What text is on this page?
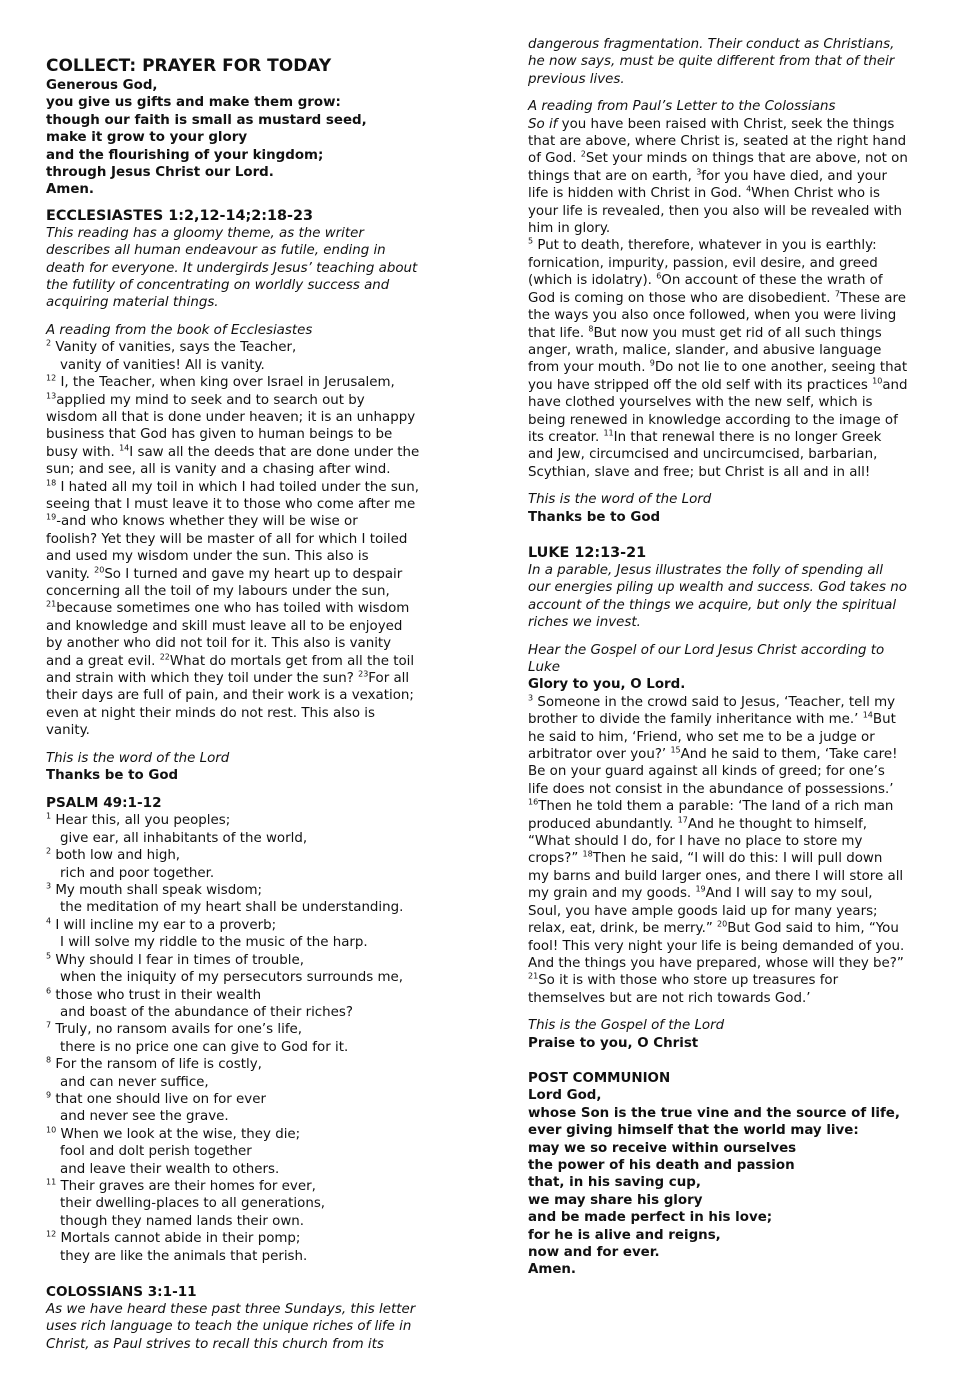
COLLECT: PRAYER FOR TODAY

Generous God,
you give us gifts and make them grow:
though our faith is small as mustard seed,
make it grow to your glory
and the flourishing of your kingdom;
through Jesus Christ our Lord.
Amen.

ECCLESIASTES 1:2,12-14;2:18-23

This reading has a gloomy theme, as the writer
describes all human endeavour as futile, ending in
death for everyone. It undergirds Jesus’ teaching about
the futility of concentrating on worldly success and
acquiring material things.
A reading from the book of Ecclesiastes
$^2$ Vanity of vanities, says the Teacher,
vanity of vanities! All is vanity.
$^{12}$ I, the Teacher, when king over Israel in Jerusalem,
$^{13}$applied my mind to seek and to search out by
wisdom all that is done under heaven; it is an unhappy
business that God has given to human beings to be
busy with. $^{14}$I saw all the deeds that are done under the
sun; and see, all is vanity and a chasing after wind.
$^{18}$ I hated all my toil in which I had toiled under the sun,
seeing that I must leave it to those who come after me
$^{19}$-and who knows whether they will be wise or
foolish? Yet they will be master of all for which I toiled
and used my wisdom under the sun. This also is
vanity. $^{20}$So I turned and gave my heart up to despair
concerning all the toil of my labours under the sun,
$^{21}$because sometimes one who has toiled with wisdom
and knowledge and skill must leave all to be enjoyed
by another who did not toil for it. This also is vanity
and a great evil. $^{22}$What do mortals get from all the toil
and strain with which they toil under the sun? $^{23}$For all
their days are full of pain, and their work is a vexation;
even at night their minds do not rest. This also is
vanity.
This is the word of the Lord
Thanks be to God

PSALM 49:1-12

$^1$ Hear this, all you peoples;
give ear, all inhabitants of the world,
$^2$ both low and high,
rich and poor together.
$^3$ My mouth shall speak wisdom;
the meditation of my heart shall be understanding.
$^4$ I will incline my ear to a proverb;
I will solve my riddle to the music of the harp.
$^5$ Why should I fear in times of trouble,
when the iniquity of my persecutors surrounds me,
$^6$ those who trust in their wealth
and boast of the abundance of their riches?
$^7$ Truly, no ransom avails for one’s life,
there is no price one can give to God for it.
$^8$ For the ransom of life is costly,
and can never suffice,
$^9$ that one should live on for ever
and never see the grave.
$^{10}$ When we look at the wise, they die;
fool and dolt perish together
and leave their wealth to others.
$^{11}$ Their graves are their homes for ever,
their dwelling-places to all generations,
though they named lands their own.
$^{12}$ Mortals cannot abide in their pomp;
they are like the animals that perish.

COLOSSIANS 3:1-11

As we have heard these past three Sundays, this letter
uses rich language to teach the unique riches of life in
Christ, as Paul strives to recall this church from its
dangerous fragmentation. Their conduct as Christians,
he now says, must be quite different from that of their
previous lives.
A reading from Paul’s Letter to the Colossians
So if you have been raised with Christ, seek the things
that are above, where Christ is, seated at the right hand
of God. $^2$Set your minds on things that are above, not on
things that are on earth, $^3$for you have died, and your
life is hidden with Christ in God. $^4$When Christ who is
your life is revealed, then you also will be revealed with
him in glory.
$^5$ Put to death, therefore, whatever in you is earthly:
fornication, impurity, passion, evil desire, and greed
(which is idolatry). $^6$On account of these the wrath of
God is coming on those who are disobedient. $^7$These are
the ways you also once followed, when you were living
that life. $^8$But now you must get rid of all such things
anger, wrath, malice, slander, and abusive language
from your mouth. $^9$Do not lie to one another, seeing that
you have stripped off the old self with its practices $^{10}$and
have clothed yourselves with the new self, which is
being renewed in knowledge according to the image of
its creator. $^{11}$In that renewal there is no longer Greek
and Jew, circumcised and uncircumcised, barbarian,
Scythian, slave and free; but Christ is all and in all!
This is the word of the Lord
Thanks be to God

LUKE 12:13-21

In a parable, Jesus illustrates the folly of spending all
our energies piling up wealth and success. God takes no
account of the things we acquire, but only the spiritual
riches we invest.
Hear the Gospel of our Lord Jesus Christ according to
Luke
Glory to you, O Lord.
$^3$ Someone in the crowd said to Jesus, ‘Teacher, tell my
brother to divide the family inheritance with me.’ $^{14}$But
he said to him, ‘Friend, who set me to be a judge or
arbitrator over you?’ $^{15}$And he said to them, ‘Take care!
Be on your guard against all kinds of greed; for one’s
life does not consist in the abundance of possessions.’
$^{16}$Then he told them a parable: ‘The land of a rich man
produced abundantly. $^{17}$And he thought to himself,
“What should I do, for I have no place to store my
crops?” $^{18}$Then he said, “I will do this: I will pull down
my barns and build larger ones, and there I will store all
my grain and my goods. $^{19}$And I will say to my soul,
Soul, you have ample goods laid up for many years;
relax, eat, drink, be merry.” $^{20}$But God said to him, “You
fool! This very night your life is being demanded of you.
And the things you have prepared, whose will they be?”
$^{21}$So it is with those who store up treasures for
themselves but are not rich towards God.’
This is the Gospel of the Lord
Praise to you, O Christ

POST COMMUNION

Lord God,
whose Son is the true vine and the source of life,
ever giving himself that the world may live:
may we so receive within ourselves
the power of his death and passion
that, in his saving cup,
we may share his glory
and be made perfect in his love;
for he is alive and reigns,
now and for ever.
Amen.
